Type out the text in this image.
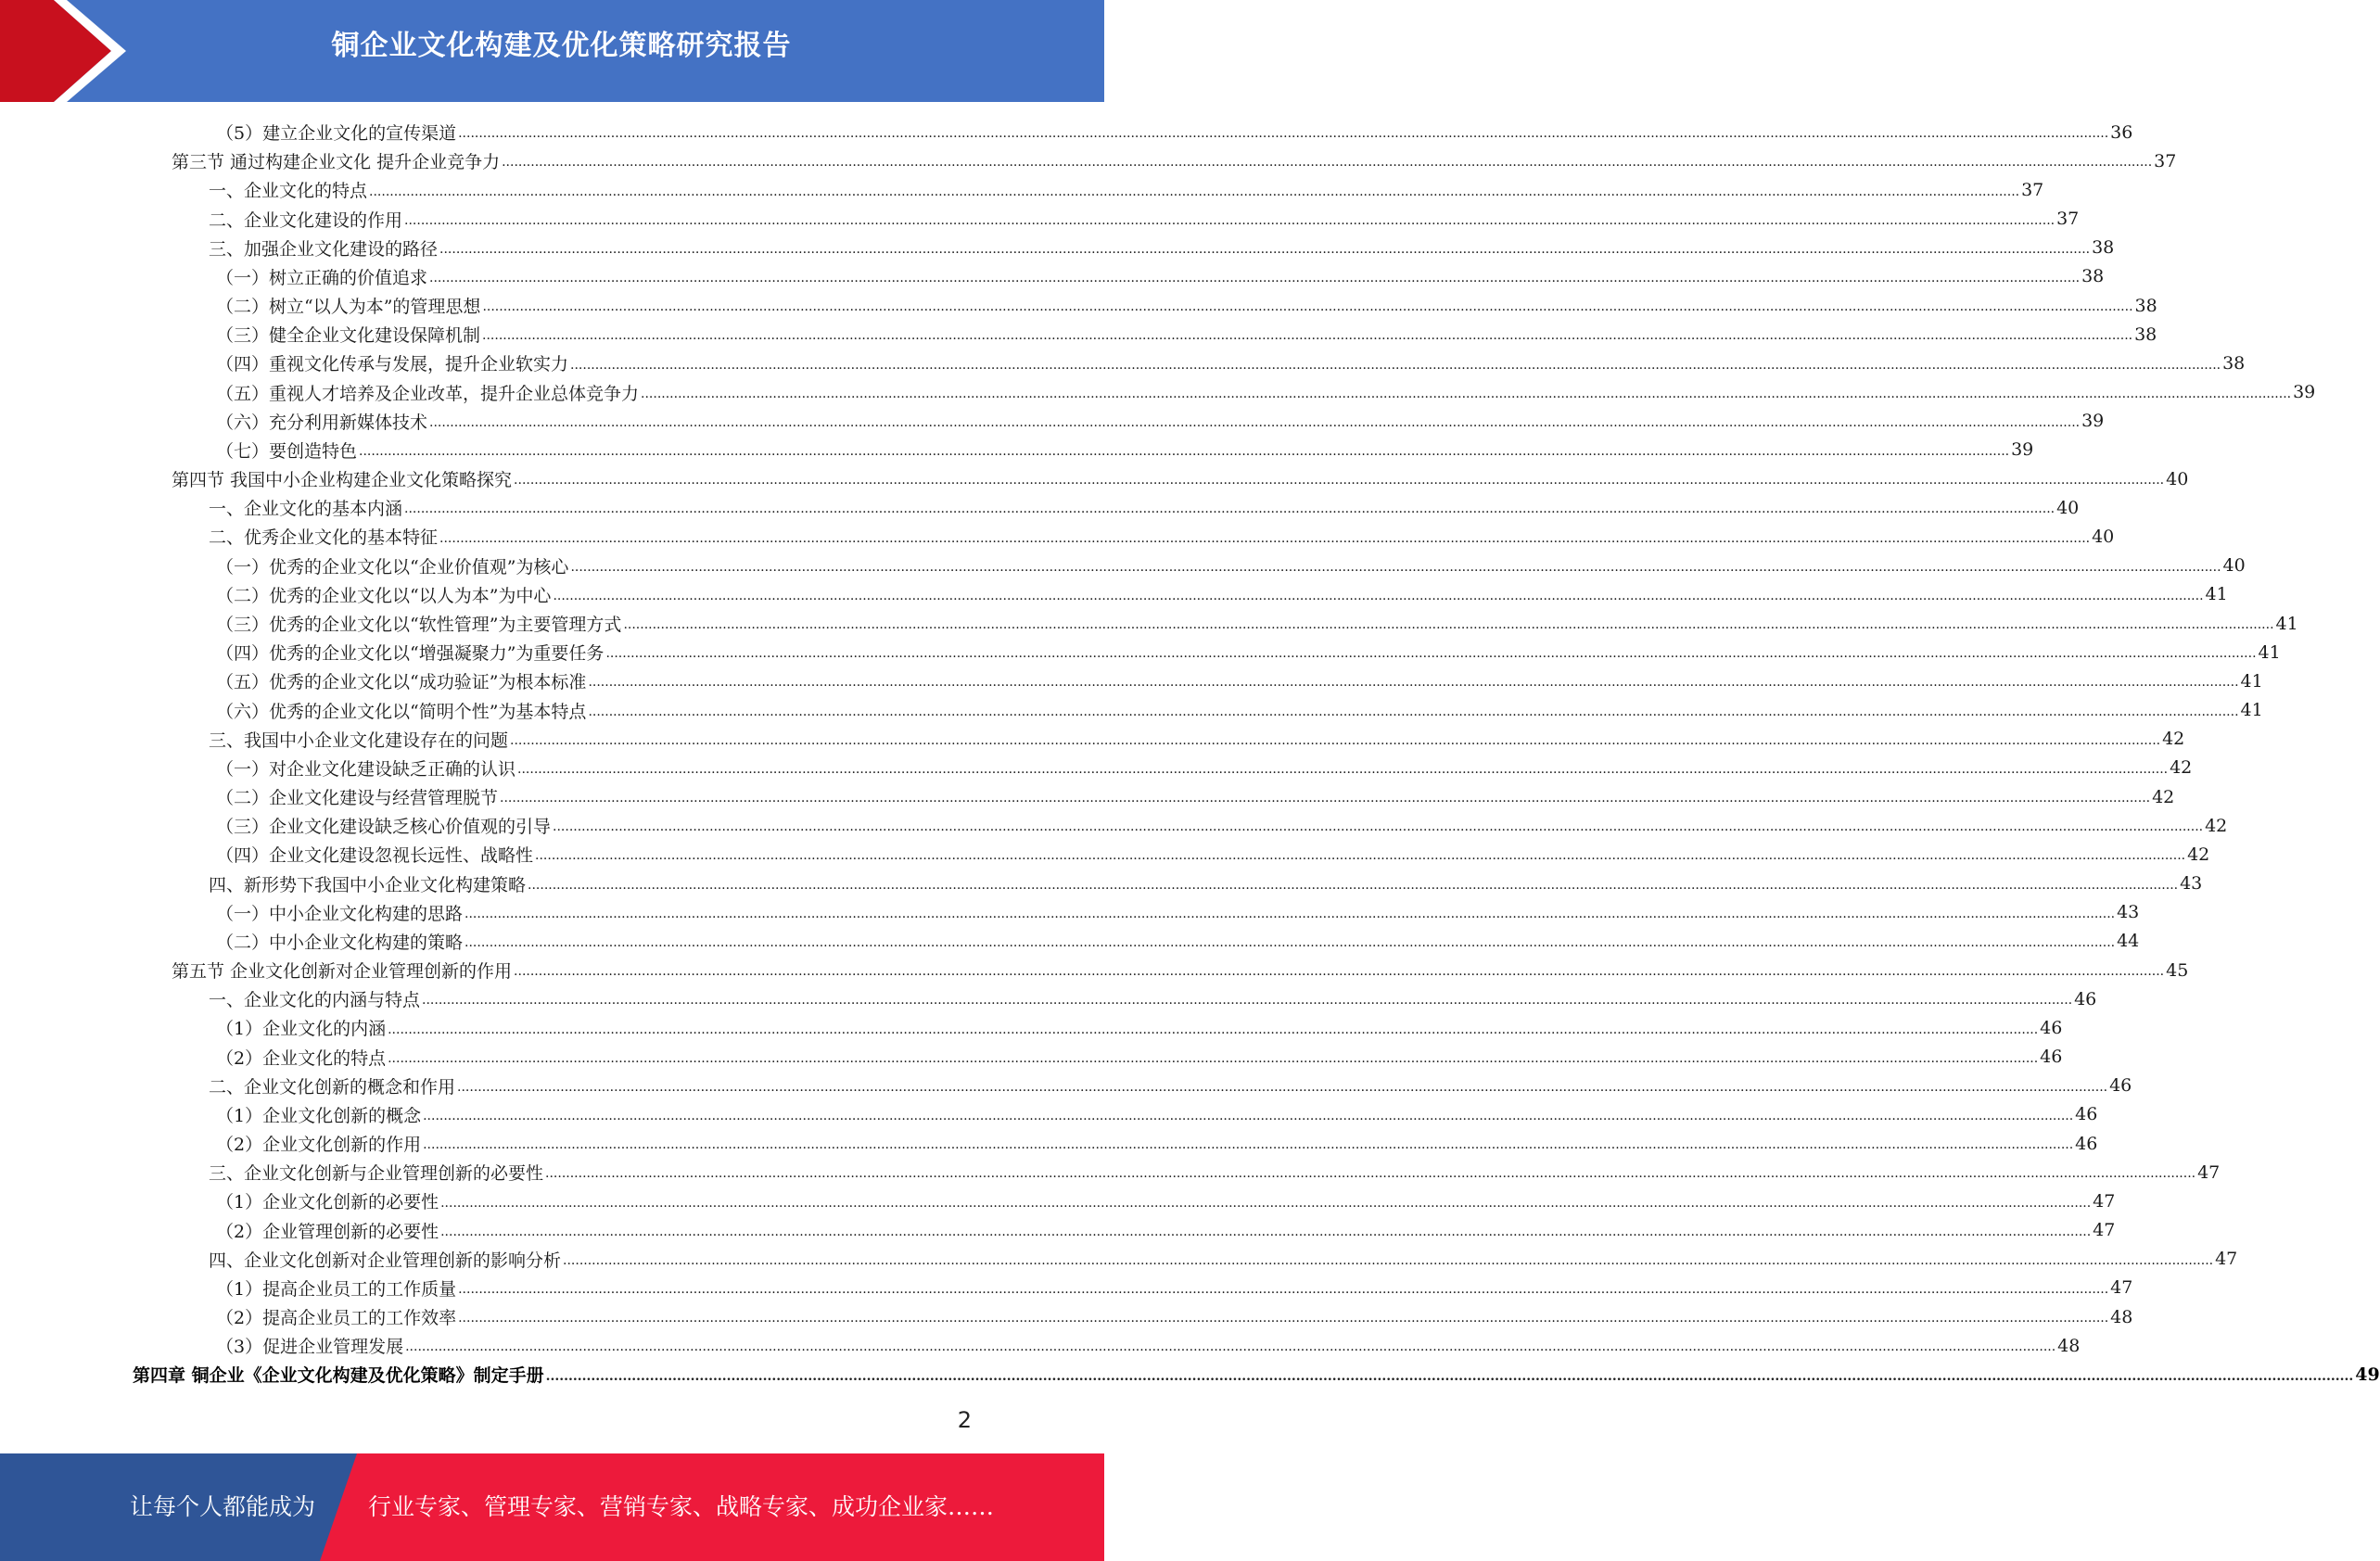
铜企业文化构建及优化策略研究报告
（5）建立企业文化的宣传渠道 ................................................................................................................................................................................................................................................................................................................................................................................................................ 36
第三节 通过构建企业文化 提升企业竞争力 ................................................................................................................................................................................................................................................................................................................................................................................................................ 37
一、企业文化的特点 ................................................................................................................................................................................................................................................................................................................................................................................................................ 37
二、企业文化建设的作用 ................................................................................................................................................................................................................................................................................................................................................................................................................ 37
三、加强企业文化建设的路径 ................................................................................................................................................................................................................................................................................................................................................................................................................ 38
（一）树立正确的价值追求 ................................................................................................................................................................................................................................................................................................................................................................................................................ 38
（二）树立“以人为本”的管理思想 ................................................................................................................................................................................................................................................................................................................................................................................................................ 38
（三）健全企业文化建设保障机制 ................................................................................................................................................................................................................................................................................................................................................................................................................ 38
（四）重视文化传承与发展，提升企业软实力 ................................................................................................................................................................................................................................................................................................................................................................................................................ 38
（五）重视人才培养及企业改革，提升企业总体竞争力 ................................................................................................................................................................................................................................................................................................................................................................................................................ 39
（六）充分利用新媒体技术 ................................................................................................................................................................................................................................................................................................................................................................................................................ 39
（七）要创造特色 ................................................................................................................................................................................................................................................................................................................................................................................................................ 39
第四节 我国中小企业构建企业文化策略探究 ................................................................................................................................................................................................................................................................................................................................................................................................................ 40
一、企业文化的基本内涵 ................................................................................................................................................................................................................................................................................................................................................................................................................ 40
二、优秀企业文化的基本特征 ................................................................................................................................................................................................................................................................................................................................................................................................................ 40
（一）优秀的企业文化以“企业价值观”为核心 ................................................................................................................................................................................................................................................................................................................................................................................................................ 40
（二）优秀的企业文化以“以人为本”为中心 ................................................................................................................................................................................................................................................................................................................................................................................................................ 41
（三）优秀的企业文化以“软性管理”为主要管理方式 ................................................................................................................................................................................................................................................................................................................................................................................................................ 41
（四）优秀的企业文化以“增强凝聚力”为重要任务 ................................................................................................................................................................................................................................................................................................................................................................................................................ 41
（五）优秀的企业文化以“成功验证”为根本标准 ................................................................................................................................................................................................................................................................................................................................................................................................................ 41
（六）优秀的企业文化以“简明个性”为基本特点 ................................................................................................................................................................................................................................................................................................................................................................................................................ 41
三、我国中小企业文化建设存在的问题 ................................................................................................................................................................................................................................................................................................................................................................................................................ 42
（一）对企业文化建设缺乏正确的认识 ................................................................................................................................................................................................................................................................................................................................................................................................................ 42
（二）企业文化建设与经营管理脱节 ................................................................................................................................................................................................................................................................................................................................................................................................................ 42
（三）企业文化建设缺乏核心价值观的引导 ................................................................................................................................................................................................................................................................................................................................................................................................................ 42
（四）企业文化建设忽视长远性、战略性 ................................................................................................................................................................................................................................................................................................................................................................................................................ 42
四、新形势下我国中小企业文化构建策略 ................................................................................................................................................................................................................................................................................................................................................................................................................ 43
（一）中小企业文化构建的思路 ................................................................................................................................................................................................................................................................................................................................................................................................................ 43
（二）中小企业文化构建的策略 ................................................................................................................................................................................................................................................................................................................................................................................................................ 44
第五节 企业文化创新对企业管理创新的作用 ................................................................................................................................................................................................................................................................................................................................................................................................................ 45
一、企业文化的内涵与特点 ................................................................................................................................................................................................................................................................................................................................................................................................................ 46
（1）企业文化的内涵 ................................................................................................................................................................................................................................................................................................................................................................................................................ 46
（2）企业文化的特点 ................................................................................................................................................................................................................................................................................................................................................................................................................ 46
二、企业文化创新的概念和作用 ................................................................................................................................................................................................................................................................................................................................................................................................................ 46
（1）企业文化创新的概念 ................................................................................................................................................................................................................................................................................................................................................................................................................ 46
（2）企业文化创新的作用 ................................................................................................................................................................................................................................................................................................................................................................................................................ 46
三、企业文化创新与企业管理创新的必要性 ................................................................................................................................................................................................................................................................................................................................................................................................................ 47
（1）企业文化创新的必要性 ................................................................................................................................................................................................................................................................................................................................................................................................................ 47
（2）企业管理创新的必要性 ................................................................................................................................................................................................................................................................................................................................................................................................................ 47
四、企业文化创新对企业管理创新的影响分析 ................................................................................................................................................................................................................................................................................................................................................................................................................ 47
（1）提高企业员工的工作质量 ................................................................................................................................................................................................................................................................................................................................................................................................................ 47
（2）提高企业员工的工作效率 ................................................................................................................................................................................................................................................................................................................................................................................................................ 48
（3）促进企业管理发展 ................................................................................................................................................................................................................................................................................................................................................................................................................ 48
第四章 铜企业《企业文化构建及优化策略》制定手册 ................................................................................................................................................................................................................................................................................................................................................................................................................ 49
2
让每个人都能成为 行业专家、管理专家、营销专家、战略专家、成功企业家……
